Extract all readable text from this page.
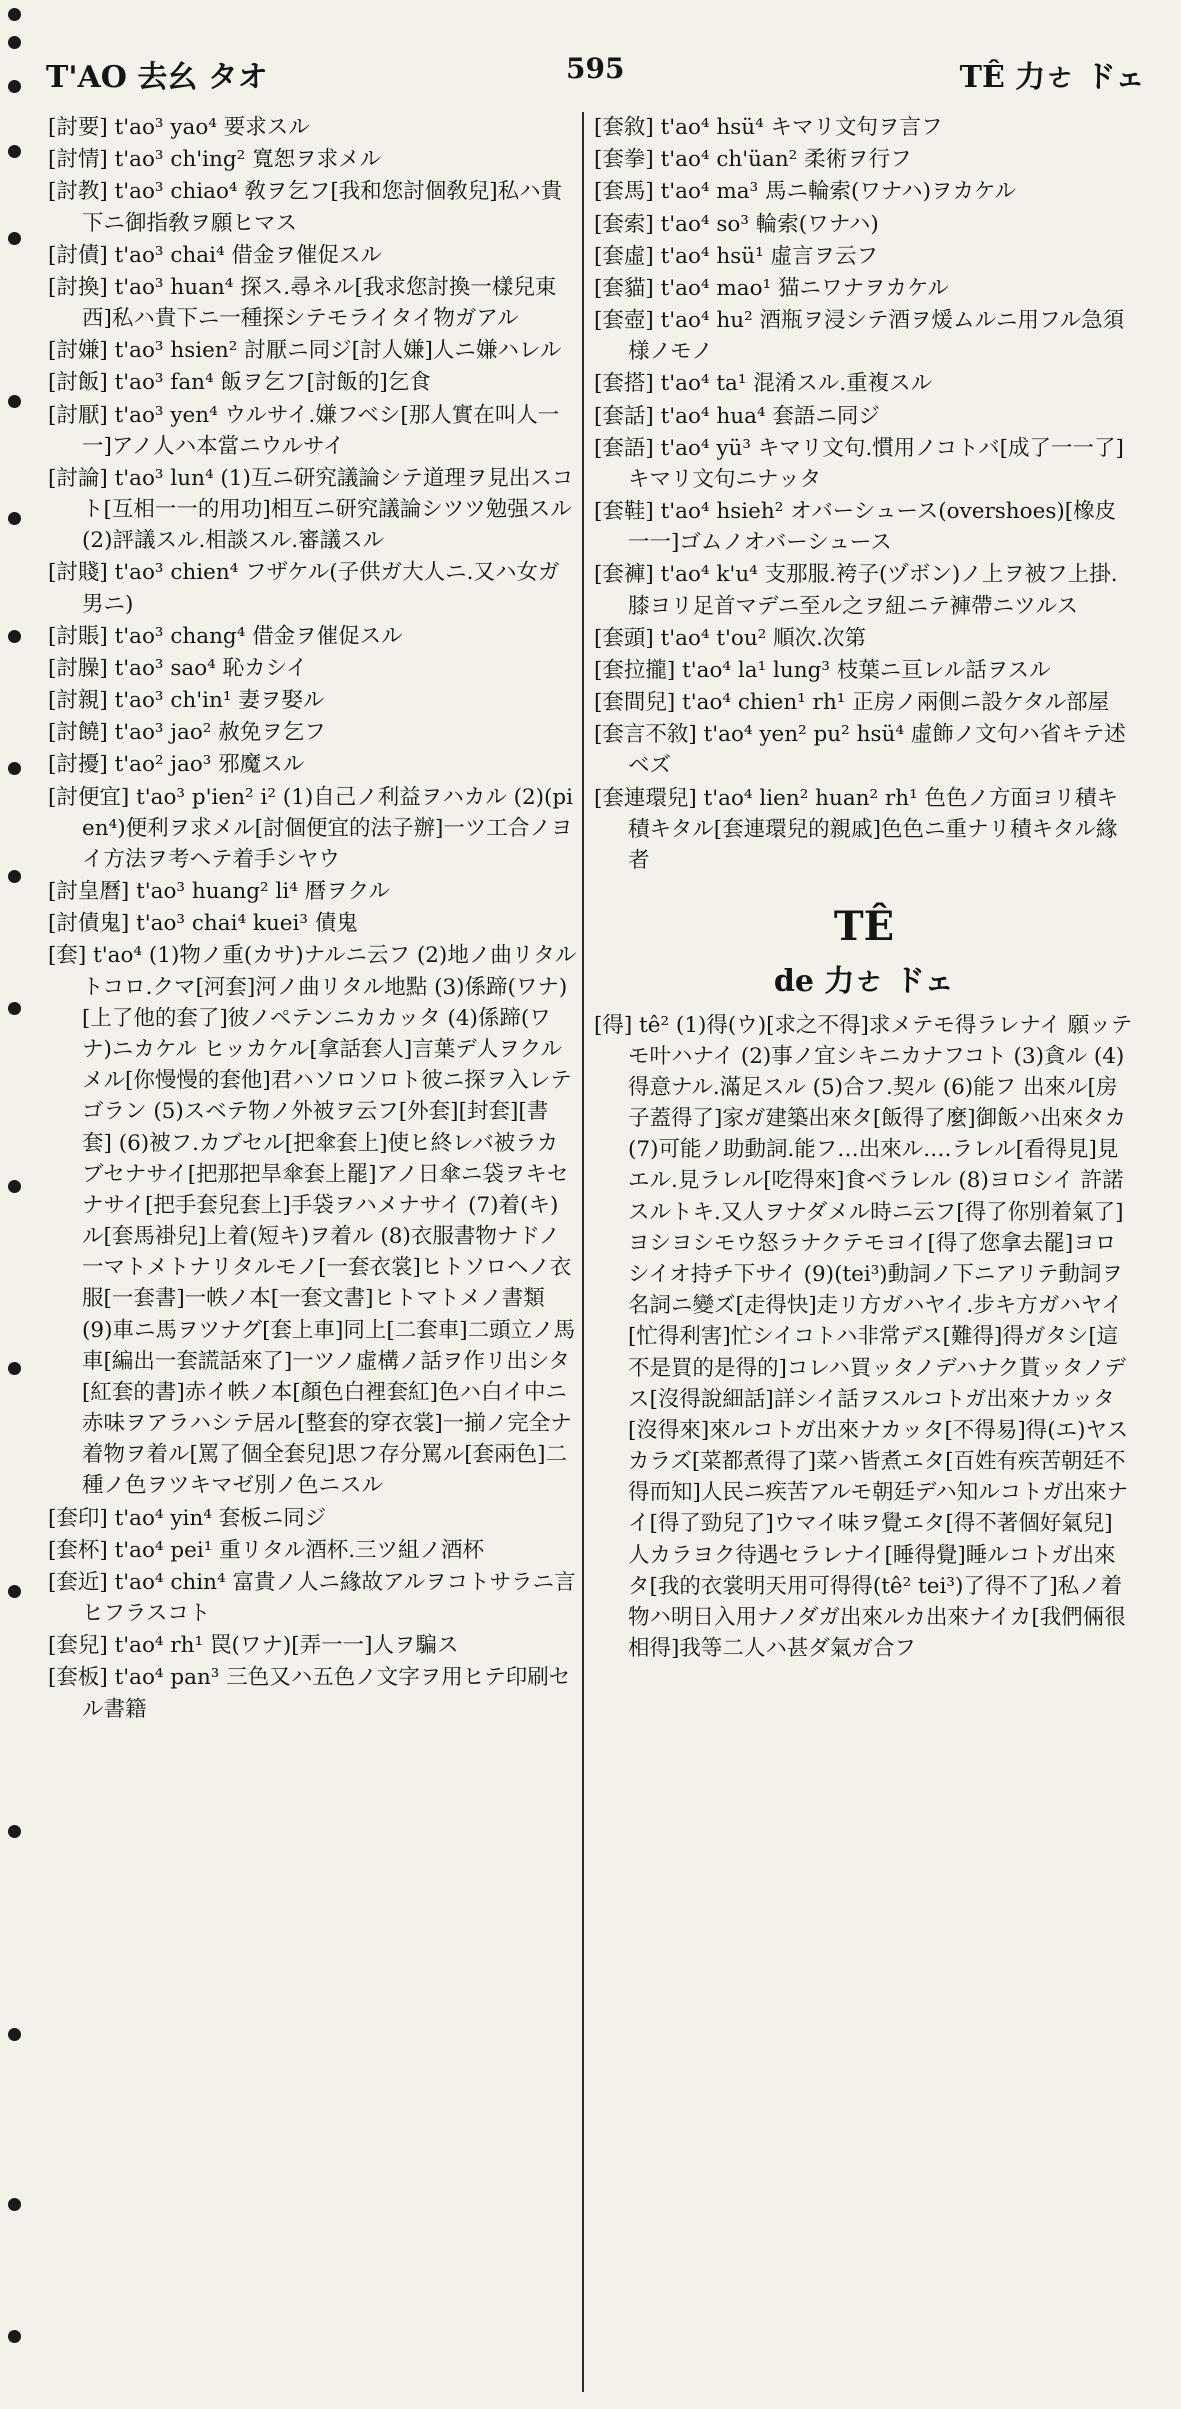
T'AO 去幺 タオ	595	TÊ 力ㄜ ドェ

[討要] t'ao³ yao⁴ 要求スル

[討情] t'ao³ ch'ing² 寬恕ヲ求メル

[討教] t'ao³ chiao⁴ 敎ヲ乞フ[我和您討個敎兒]私ハ貴下ニ御指敎ヲ願ヒマス

[討債] t'ao³ chai⁴ 借金ヲ催促スル

[討換] t'ao³ huan⁴ 探ス.尋ネル[我求您討換一樣兒東西]私ハ貴下ニ一種探シテモライタイ物ガアル

[討嫌] t'ao³ hsien² 討厭ニ同ジ[討人嫌]人ニ嫌ハレル

[討飯] t'ao³ fan⁴ 飯ヲ乞フ[討飯的]乞食

[討厭] t'ao³ yen⁴ ウルサイ.嫌フベシ[那人實在叫人一一]アノ人ハ本當ニウルサイ

[討論] t'ao³ lun⁴ (1)互ニ研究議論シテ道理ヲ見出スコト[互相一一的用功]相互ニ研究議論シツツ勉强スル (2)評議スル.相談スル.審議スル

[討賤] t'ao³ chien⁴ フザケル(子供ガ大人ニ.又ハ女ガ男ニ)

[討賬] t'ao³ chang⁴ 借金ヲ催促スル

[討臊] t'ao³ sao⁴ 恥カシイ

[討親] t'ao³ ch'in¹ 妻ヲ娶ル

[討饒] t'ao³ jao² 赦免ヲ乞フ

[討擾] t'ao² jao³ 邪魔スル

[討便宜] t'ao³ p'ien² i² (1)自己ノ利益ヲハカル (2)(pien⁴)便利ヲ求メル[討個便宜的法子辦]一ツ工合ノヨイ方法ヲ考ヘテ着手シヤウ

[討皇曆] t'ao³ huang² li⁴ 暦ヲクル

[討債鬼] t'ao³ chai⁴ kuei³ 債鬼

[套] t'ao⁴ (1)物ノ重(カサ)ナルニ云フ (2)地ノ曲リタルトコロ.クマ[河套]河ノ曲リタル地點 (3)係蹄(ワナ)[上了他的套了]彼ノペテンニカカッタ (4)係蹄(ワナ)ニカケル ヒッカケル[拿話套人]言葉デ人ヲクルメル[你慢慢的套他]君ハソロソロト彼ニ探ヲ入レテゴラン (5)スベテ物ノ外被ヲ云フ[外套][封套][書套] (6)被フ.カブセル[把傘套上]使ヒ終レバ被ラカブセナサイ[把那把旱傘套上罷]アノ日傘ニ袋ヲキセナサイ[把手套兒套上]手袋ヲハメナサイ (7)着(キ)ル[套馬褂兒]上着(短キ)ヲ着ル (8)衣服書物ナドノ一マトメトナリタルモノ[一套衣裳]ヒトソロヘノ衣服[一套書]一帙ノ本[一套文書]ヒトマトメノ書類 (9)車ニ馬ヲツナグ[套上車]同上[二套車]二頭立ノ馬車[編出一套謊話來了]一ツノ虛構ノ話ヲ作リ出シタ[紅套的書]赤イ帙ノ本[顏色白裡套紅]色ハ白イ中ニ赤味ヲアラハシテ居ル[整套的穿衣裳]一揃ノ完全ナ着物ヲ着ル[罵了個全套兒]思フ存分罵ル[套兩色]二種ノ色ヲツキマゼ別ノ色ニスル

[套印] t'ao⁴ yin⁴ 套板ニ同ジ

[套杯] t'ao⁴ pei¹ 重リタル酒杯.三ツ組ノ酒杯

[套近] t'ao⁴ chin⁴ 富貴ノ人ニ緣故アルヲコトサラニ言ヒフラスコト

[套兒] t'ao⁴ rh¹ 罠(ワナ)[弄一一]人ヲ騙ス

[套板] t'ao⁴ pan³ 三色又ハ五色ノ文字ヲ用ヒテ印刷セル書籍

[套敘] t'ao⁴ hsü⁴ キマリ文句ヲ言フ

[套拳] t'ao⁴ ch'üan² 柔術ヲ行フ

[套馬] t'ao⁴ ma³ 馬ニ輪索(ワナハ)ヲカケル

[套索] t'ao⁴ so³ 輪索(ワナハ)

[套虛] t'ao⁴ hsü¹ 虛言ヲ云フ

[套貓] t'ao⁴ mao¹ 猫ニワナヲカケル

[套壺] t'ao⁴ hu² 酒瓶ヲ浸シテ酒ヲ煖ムルニ用フル急須様ノモノ

[套搭] t'ao⁴ ta¹ 混淆スル.重複スル

[套話] t'ao⁴ hua⁴ 套語ニ同ジ

[套語] t'ao⁴ yü³ キマリ文句.慣用ノコトバ[成了一一了]キマリ文句ニナッタ

[套鞋] t'ao⁴ hsieh² オバーシュース(overshoes)[橡皮一一]ゴムノオバーシュース

[套褲] t'ao⁴ k'u⁴ 支那服.袴子(ヅボン)ノ上ヲ被フ上掛.膝ヨリ足首マデニ至ル之ヲ紐ニテ褲帶ニツルス

[套頭] t'ao⁴ t'ou² 順次.次第

[套拉攏] t'ao⁴ la¹ lung³ 枝葉ニ亘レル話ヲスル

[套間兒] t'ao⁴ chien¹ rh¹ 正房ノ兩側ニ設ケタル部屋

[套言不敘] t'ao⁴ yen² pu² hsü⁴ 虛飾ノ文句ハ省キテ述ベズ

[套連環兒] t'ao⁴ lien² huan² rh¹ 色色ノ方面ヨリ積キ積キタル[套連環兒的親戚]色色ニ重ナリ積キタル緣者

TÊ
de 力ㄜ ドェ

[得] tê² (1)得(ウ)[求之不得]求メテモ得ラレナイ 願ッテモ叶ハナイ (2)事ノ宜シキニカナフコト (3)貪ル (4)得意ナル.滿足スル (5)合フ.契ル (6)能フ 出來ル[房子蓋得了]家ガ建築出來タ[飯得了麼]御飯ハ出來タカ (7)可能ノ助動詞.能フ…出來ル.…ラレル[看得見]見エル.見ラレル[吃得來]食ベラレル (8)ヨロシイ 許諾スルトキ.又人ヲナダメル時ニ云フ[得了你別着氣了]ヨシヨシモウ怒ラナクテモヨイ[得了您拿去罷]ヨロシイオ持チ下サイ (9)(tei³)動詞ノ下ニアリテ動詞ヲ名詞ニ變ズ[走得快]走リ方ガハヤイ.步キ方ガハヤイ[忙得利害]忙シイコトハ非常デス[難得]得ガタシ[這不是買的是得的]コレハ買ッタノデハナク貰ッタノデス[沒得說細話]詳シイ話ヲスルコトガ出來ナカッタ[沒得來]來ルコトガ出來ナカッタ[不得易]得(エ)ヤスカラズ[菜都煮得了]菜ハ皆煮エタ[百姓有疾苦朝廷不得而知]人民ニ疾苦アルモ朝廷デハ知ルコトガ出來ナイ[得了勁兒了]ウマイ味ヲ覺エタ[得不著個好氣兒]人カラヨク待遇セラレナイ[睡得覺]睡ルコトガ出來タ[我的衣裳明天用可得得(tê² tei³)了得不了]私ノ着物ハ明日入用ナノダガ出來ルカ出來ナイカ[我們倆很相得]我等二人ハ甚ダ氣ガ合フ
